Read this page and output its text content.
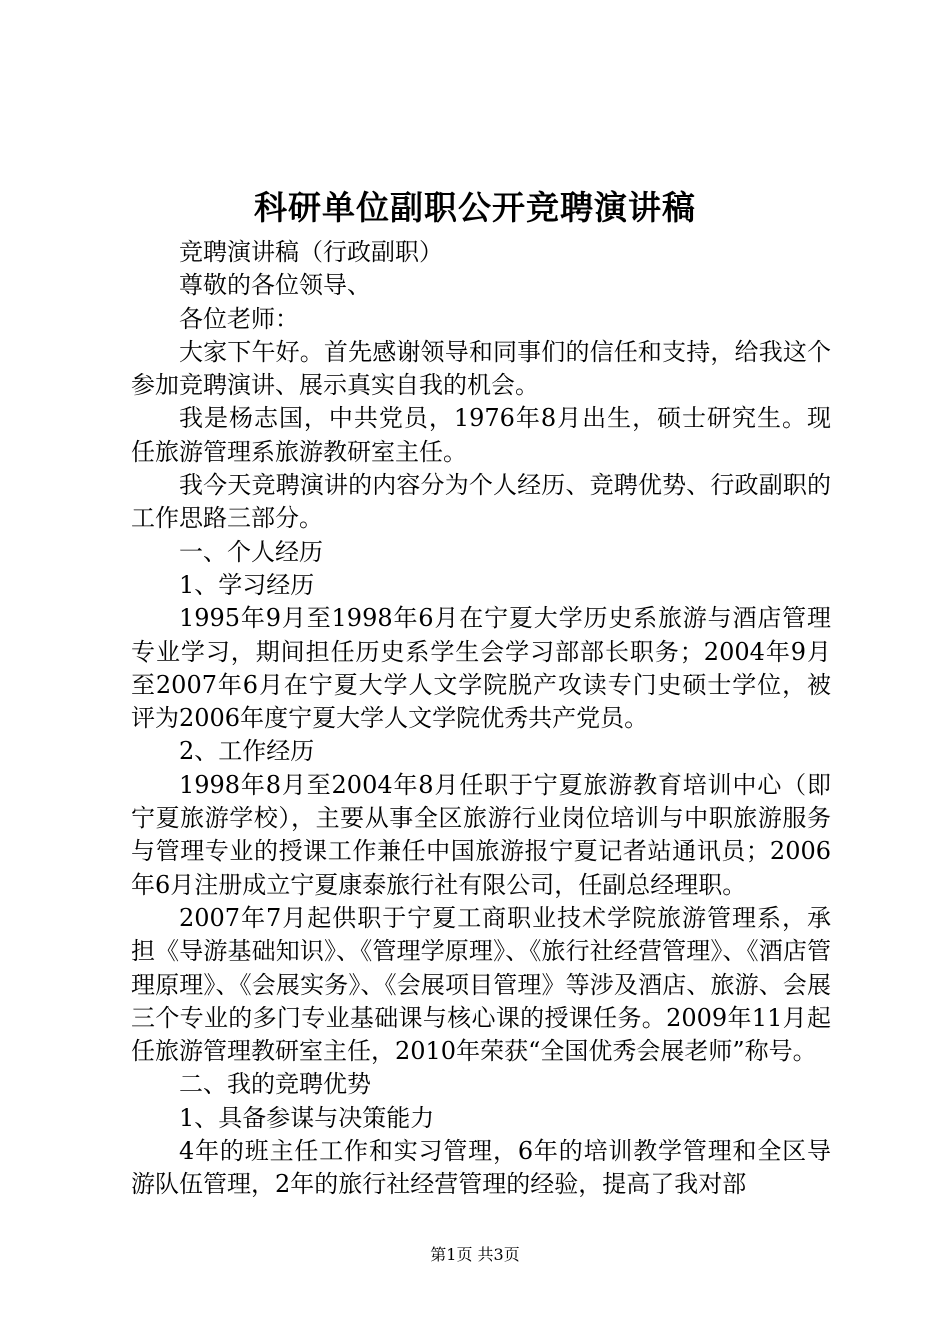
科研单位副职公开竞聘演讲稿

竞聘演讲稿（行政副职）

尊敬的各位领导、

各位老师：

大家下午好。首先感谢领导和同事们的信任和支持，给我这个参加竞聘演讲、展示真实自我的机会。

我是杨志国，中共党员，1976年8月出生，硕士研究生。现任旅游管理系旅游教研室主任。

我今天竞聘演讲的内容分为个人经历、竞聘优势、行政副职的工作思路三部分。

一、个人经历

1、学习经历

1995年9月至1998年6月在宁夏大学历史系旅游与酒店管理专业学习，期间担任历史系学生会学习部部长职务；2004年9月至2007年6月在宁夏大学人文学院脱产攻读专门史硕士学位，被评为2006年度宁夏大学人文学院优秀共产党员。

2、工作经历

1998年8月至2004年8月任职于宁夏旅游教育培训中心（即宁夏旅游学校），主要从事全区旅游行业岗位培训与中职旅游服务与管理专业的授课工作兼任中国旅游报宁夏记者站通讯员；2006年6月注册成立宁夏康泰旅行社有限公司，任副总经理职。

2007年7月起供职于宁夏工商职业技术学院旅游管理系，承担《导游基础知识》、《管理学原理》、《旅行社经营管理》、《酒店管理原理》、《会展实务》、《会展项目管理》等涉及酒店、旅游、会展三个专业的多门专业基础课与核心课的授课任务。2009年11月起任旅游管理教研室主任，2010年荣获“全国优秀会展老师”称号。

二、我的竞聘优势

1、具备参谋与决策能力

4年的班主任工作和实习管理，6年的培训教学管理和全区导游队伍管理，2年的旅行社经营管理的经验，提高了我对部

第1页 共3页
